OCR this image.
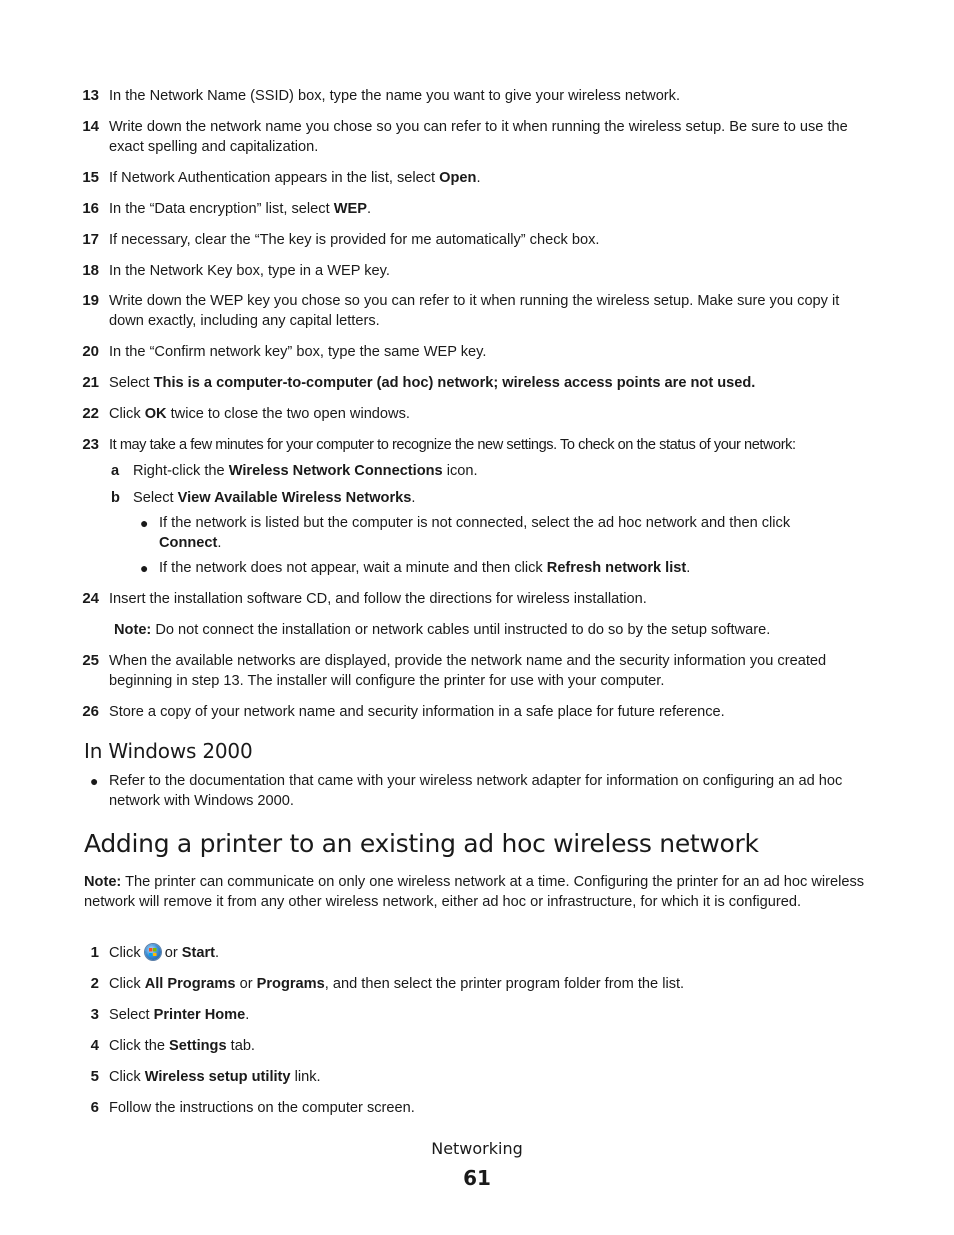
13 In the Network Name (SSID) box, type the name you want to give your wireless network.
14 Write down the network name you chose so you can refer to it when running the wireless setup. Be sure to use the exact spelling and capitalization.
15 If Network Authentication appears in the list, select Open.
16 In the “Data encryption” list, select WEP.
17 If necessary, clear the “The key is provided for me automatically” check box.
18 In the Network Key box, type in a WEP key.
19 Write down the WEP key you chose so you can refer to it when running the wireless setup. Make sure you copy it down exactly, including any capital letters.
20 In the “Confirm network key” box, type the same WEP key.
21 Select This is a computer-to-computer (ad hoc) network; wireless access points are not used.
22 Click OK twice to close the two open windows.
23 It may take a few minutes for your computer to recognize the new settings. To check on the status of your network:
a Right-click the Wireless Network Connections icon.
b Select View Available Wireless Networks.
● If the network is listed but the computer is not connected, select the ad hoc network and then click Connect.
● If the network does not appear, wait a minute and then click Refresh network list.
24 Insert the installation software CD, and follow the directions for wireless installation.
Note: Do not connect the installation or network cables until instructed to do so by the setup software.
25 When the available networks are displayed, provide the network name and the security information you created beginning in step 13. The installer will configure the printer for use with your computer.
26 Store a copy of your network name and security information in a safe place for future reference.
In Windows 2000
● Refer to the documentation that came with your wireless network adapter for information on configuring an ad hoc network with Windows 2000.
Adding a printer to an existing ad hoc wireless network
Note: The printer can communicate on only one wireless network at a time. Configuring the printer for an ad hoc wireless network will remove it from any other wireless network, either ad hoc or infrastructure, for which it is configured.
1 Click  or Start.
2 Click All Programs or Programs, and then select the printer program folder from the list.
3 Select Printer Home.
4 Click the Settings tab.
5 Click Wireless setup utility link.
6 Follow the instructions on the computer screen.
Networking
61
